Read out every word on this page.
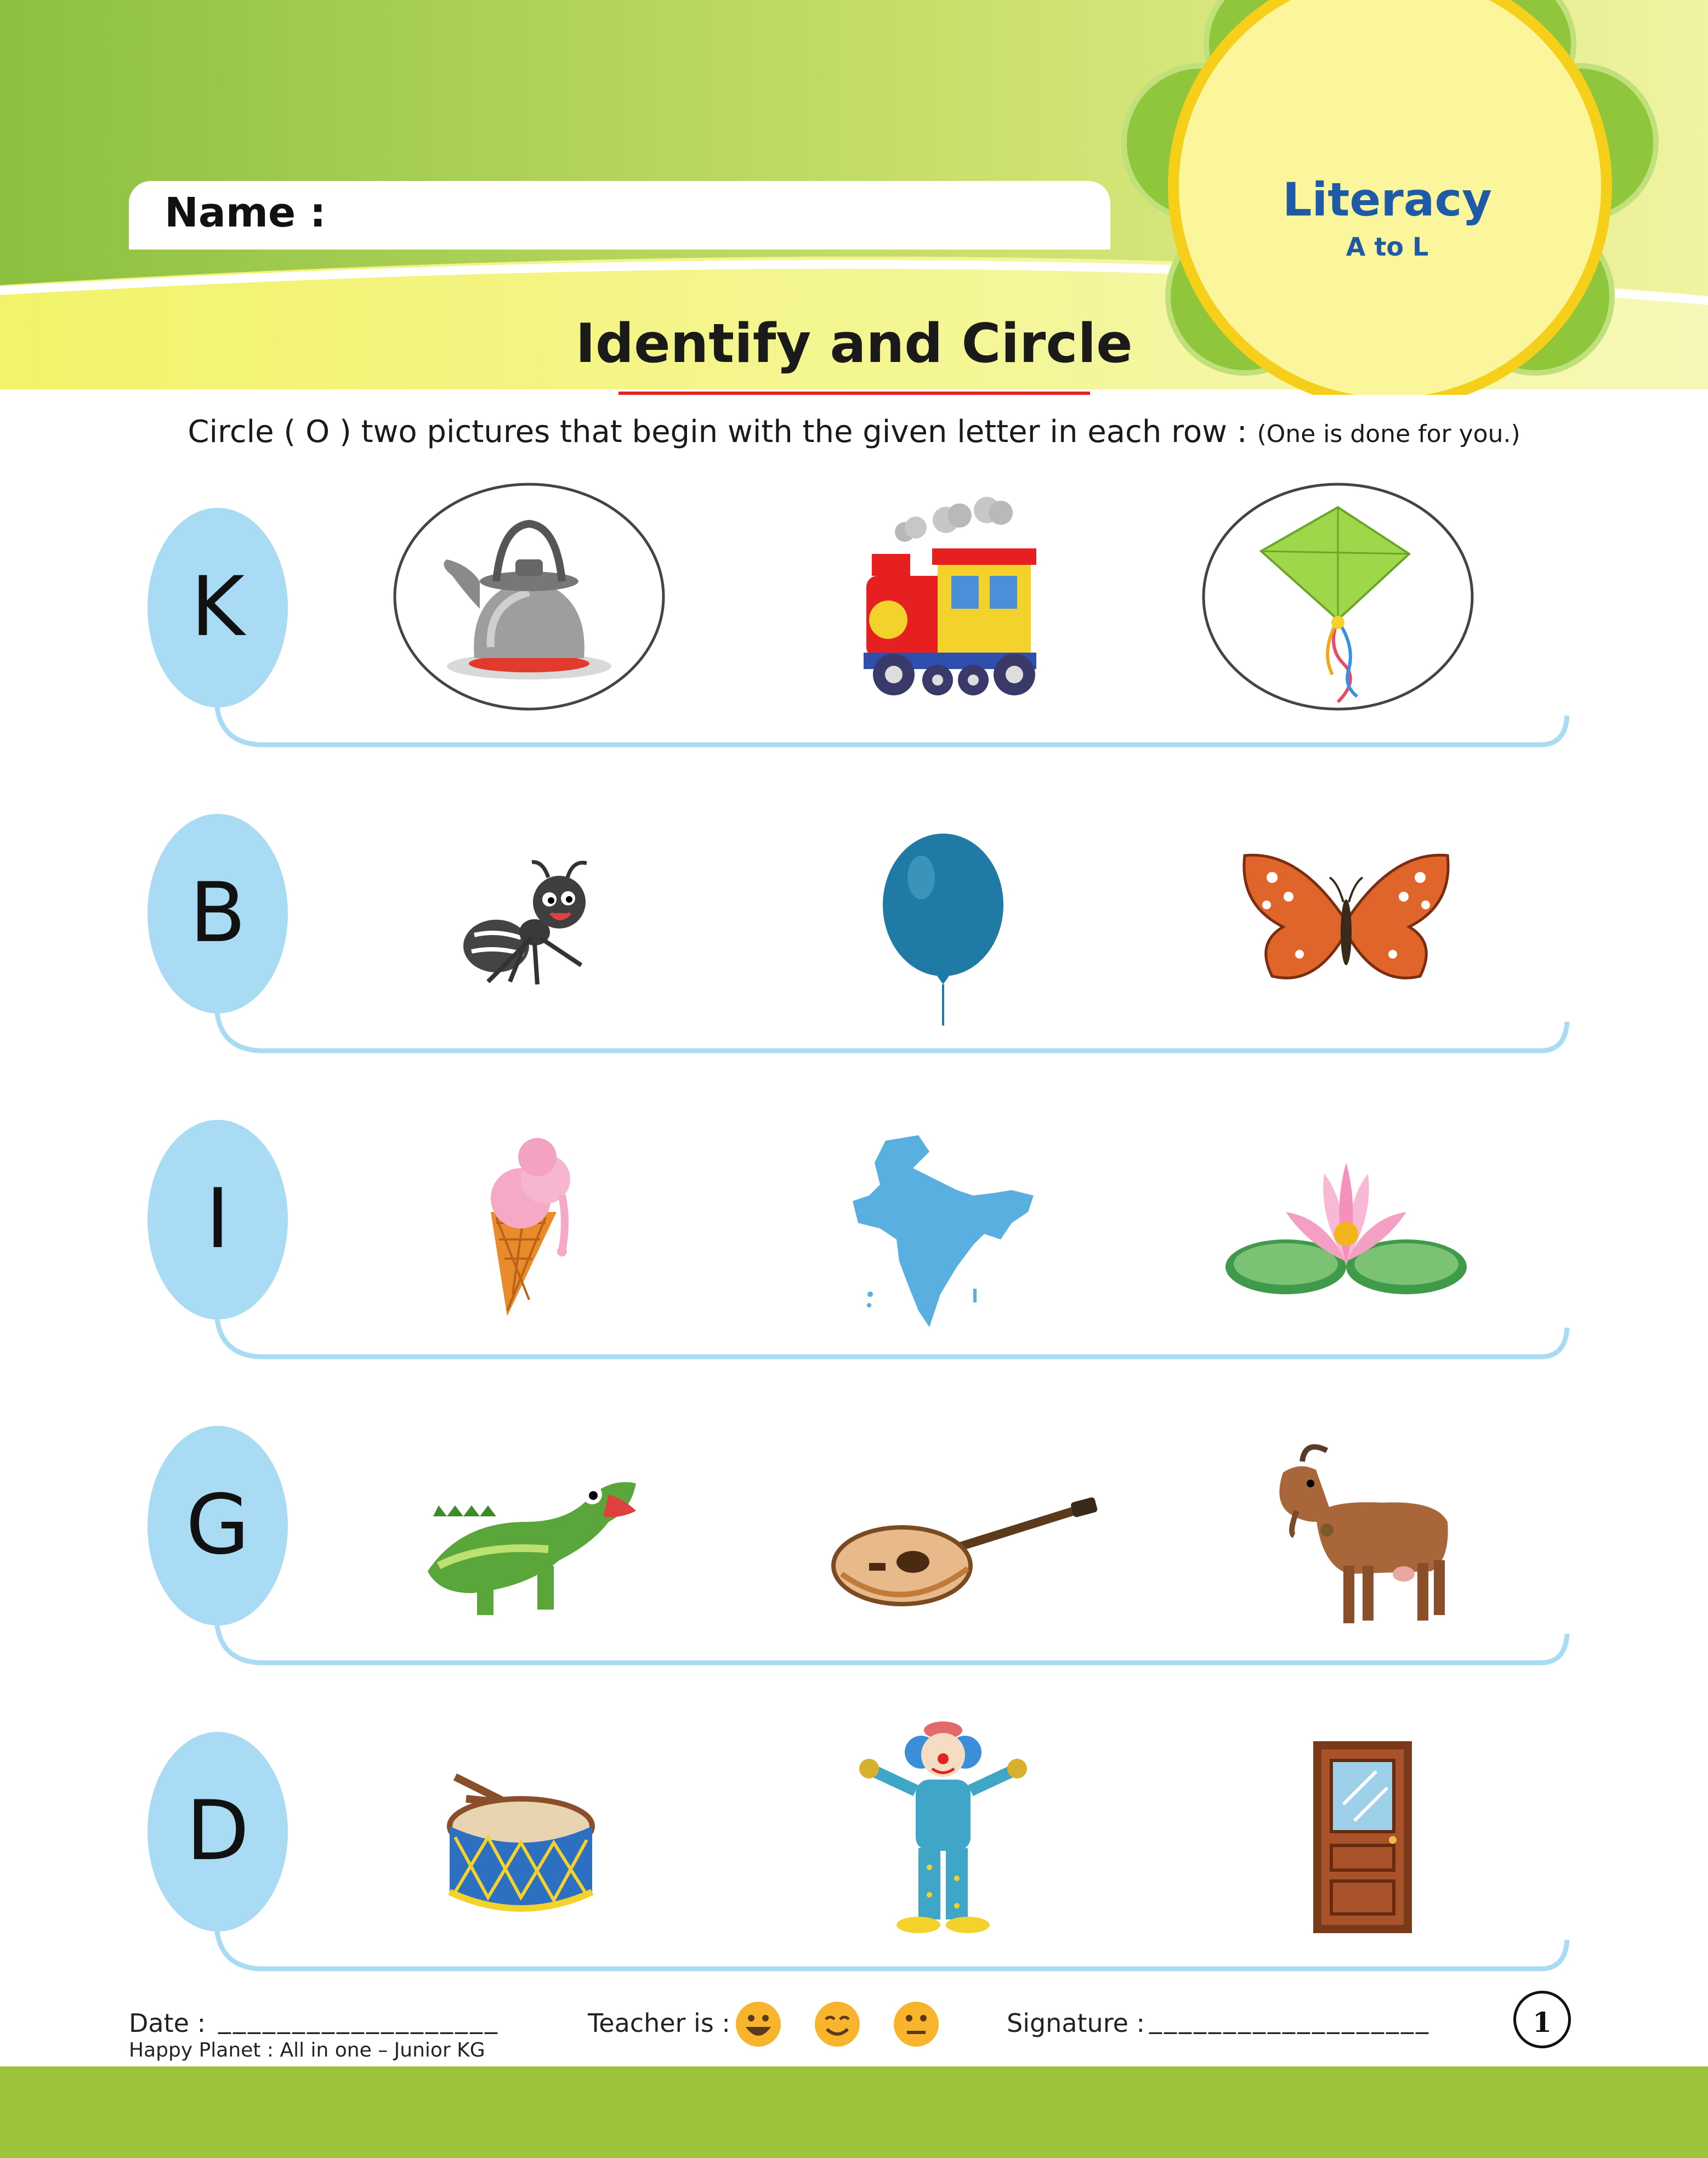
Name :	Literacy
A to L
Identify and Circle
Circle ( O ) two pictures that begin with the given letter in each row : (One is done for you.)
K
B
I
G
D
Date : ___________________	Teacher is :	Signature : ___________________	1
Happy Planet : All in one – Junior KG
